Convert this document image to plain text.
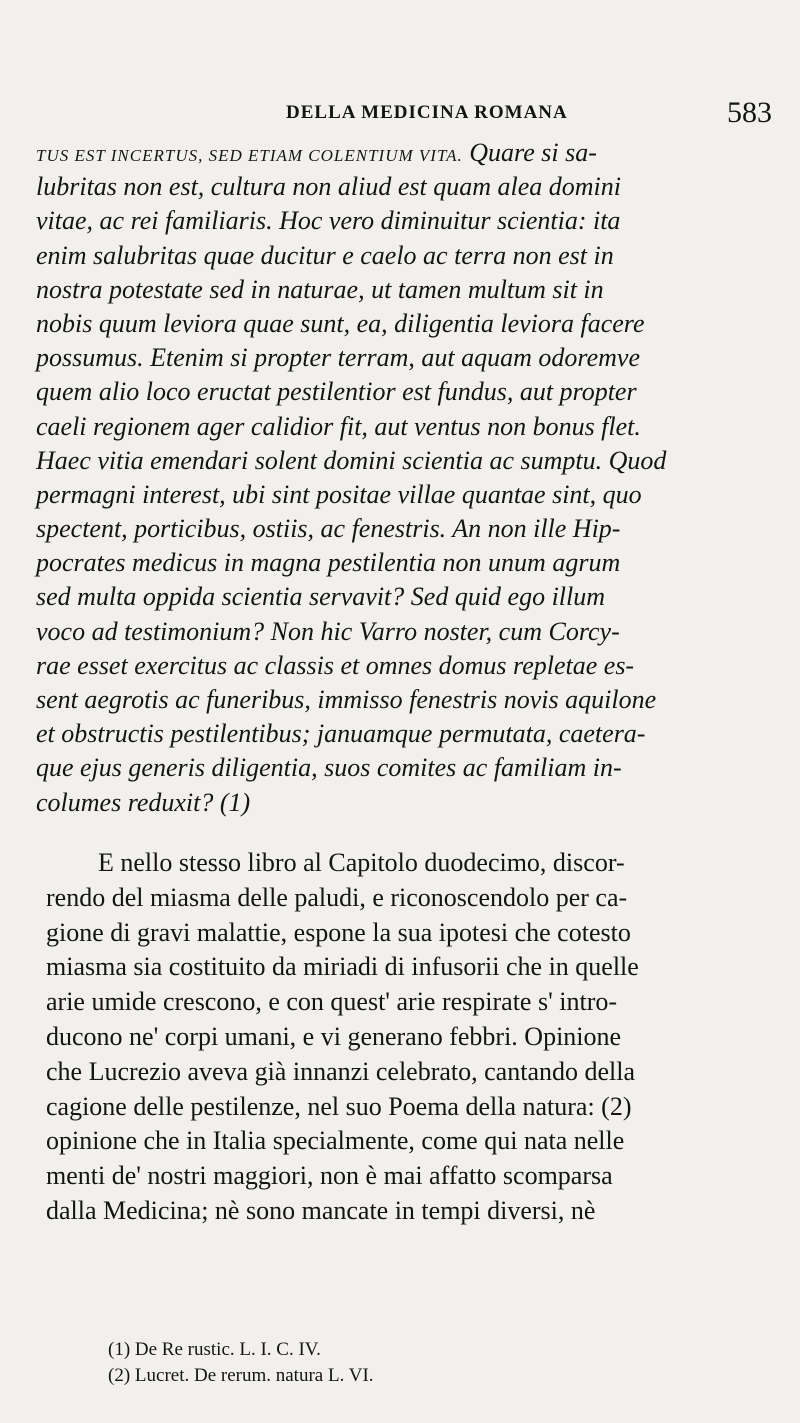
DELLA MEDICINA ROMANA	583
TUS EST INCERTUS, SED ETIAM COLENTIUM VITA. Quare si sa-
lubritas non est, cultura non aliud est quam alea domini
vitae, ac rei familiaris. Hoc vero diminuitur scientia: ita
enim salubritas quae ducitur e caelo ac terra non est in
nostra potestate sed in naturae, ut tamen multum sit in
nobis quum leviora quae sunt, ea, diligentia leviora facere
possumus. Etenim si propter terram, aut aquam odoremve
quem alio loco eructat pestilentior est fundus, aut propter
caeli regionem ager calidior fit, aut ventus non bonus flet.
Haec vitia emendari solent domini scientia ac sumptu. Quod
permagni interest, ubi sint positae villae quantae sint, quo
spectent, porticibus, ostiis, ac fenestris. An non ille Hip-
pocrates medicus in magna pestilentia non unum agrum
sed multa oppida scientia servavit? Sed quid ego illum
voco ad testimonium? Non hic Varro noster, cum Corcy-
rae esset exercitus ac classis et omnes domus repletae es-
sent aegrotis ac funeribus, immisso fenestris novis aquilone
et obstructis pestilentibus; januamque permutata, caetera-
que ejus generis diligentia, suos comites ac familiam in-
columes reduxit? (1)
E nello stesso libro al Capitolo duodecimo, discor-
rendo del miasma delle paludi, e riconoscendolo per ca-
gione di gravi malattie, espone la sua ipotesi che cotesto
miasma sia costituito da miriadi di infusorii che in quelle
arie umide crescono, e con quest' arie respirate s' intro-
ducono ne' corpi umani, e vi generano febbri. Opinione
che Lucrezio aveva già innanzi celebrato, cantando della
cagione delle pestilenze, nel suo Poema della natura: (2)
opinione che in Italia specialmente, come qui nata nelle
menti de' nostri maggiori, non è mai affatto scomparsa
dalla Medicina; nè sono mancate in tempi diversi, nè
(1) De Re rustic. L. I. C. IV.
(2) Lucret. De rerum. natura L. VI.
